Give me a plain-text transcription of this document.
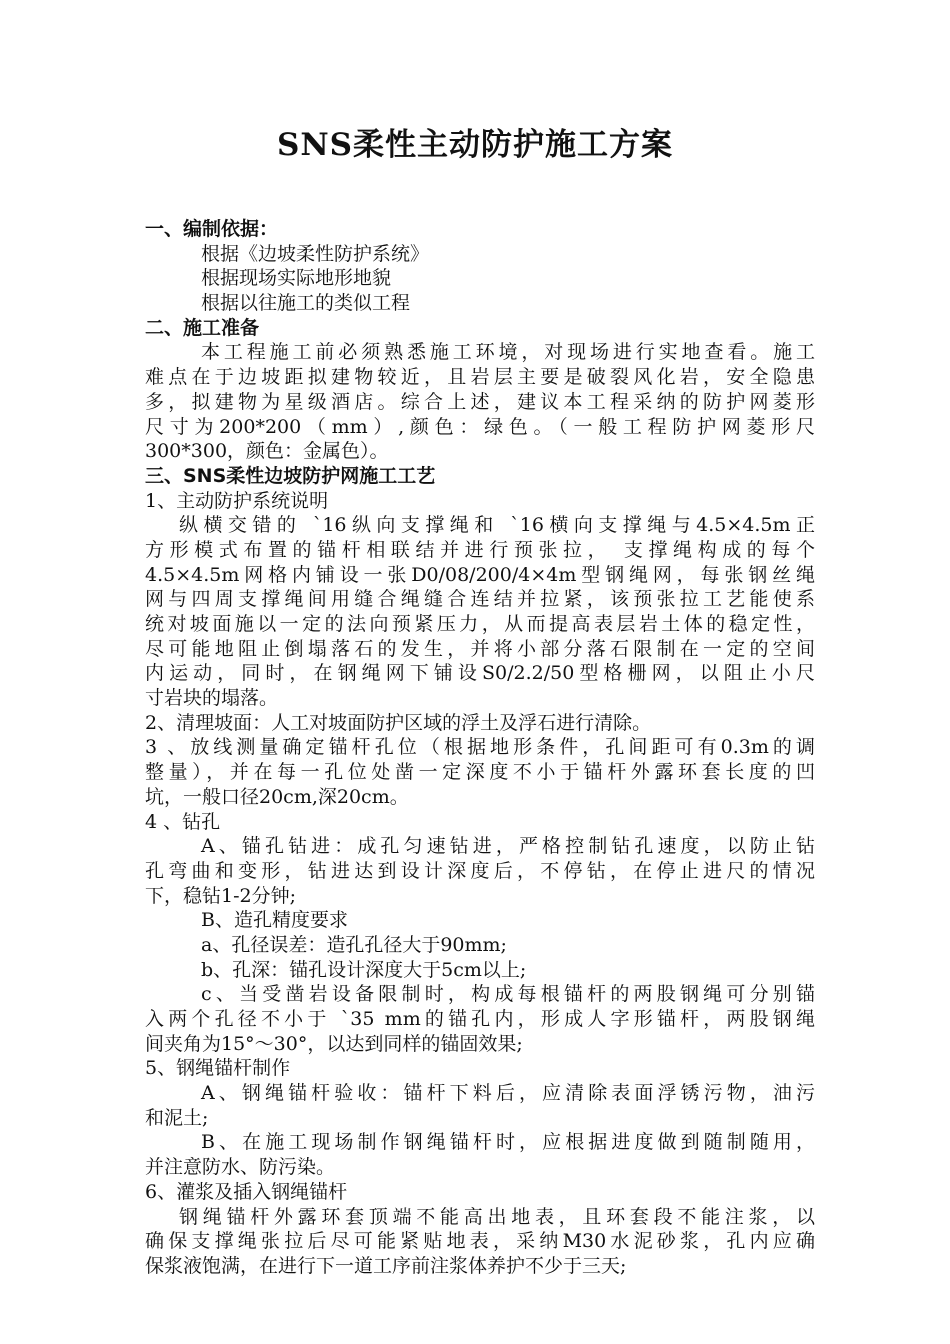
SNS柔性主动防护施工方案
一、编制依据：
根据《边坡柔性防护系统》
根据现场实际地形地貌
根据以往施工的类似工程
二、施工准备
本工程施工前必须熟悉施工环境，对现场进行实地查看。施工
难点在于边坡距拟建物较近，且岩层主要是破裂风化岩，安全隐患
多，拟建物为星级酒店。综合上述，建议本工程采纳的防护网菱形
尺寸为200*200（mm）,颜色：绿色。（一般工程防护网菱形尺
300*300，颜色：金属色）。
三、SNS柔性边坡防护网施工工艺
1、主动防护系统说明
纵横交错的 `16纵向支撑绳和 `16横向支撑绳与4.5×4.5m正
方形模式布置的锚杆相联结并进行预张拉， 支撑绳构成的每个
4.5×4.5m网格内铺设一张D0/08/200/4×4m型钢绳网，每张钢丝绳
网与四周支撑绳间用缝合绳缝合连结并拉紧，该预张拉工艺能使系
统对坡面施以一定的法向预紧压力，从而提高表层岩土体的稳定性，
尽可能地阻止倒塌落石的发生，并将小部分落石限制在一定的空间
内运动，同时，在钢绳网下铺设S0/2.2/50型格栅网，以阻止小尺
寸岩块的塌落。
2、清理坡面：人工对坡面防护区域的浮土及浮石进行清除。
3 、放线测量确定锚杆孔位（根据地形条件，孔间距可有0.3m的调
整量），并在每一孔位处凿一定深度不小于锚杆外露环套长度的凹
坑，一般口径20cm,深20cm。
4 、钻孔
A、锚孔钻进：成孔匀速钻进，严格控制钻孔速度，以防止钻
孔弯曲和变形，钻进达到设计深度后，不停钻，在停止进尺的情况
下，稳钻1-2分钟;
B、造孔精度要求
a、孔径误差：造孔孔径大于90mm;
b、孔深：锚孔设计深度大于5cm以上;
c、当受凿岩设备限制时，构成每根锚杆的两股钢绳可分别锚
入两个孔径不小于 `35 mm的锚孔内，形成人字形锚杆，两股钢绳
间夹角为15°～30°，以达到同样的锚固效果;
5、钢绳锚杆制作
A、钢绳锚杆验收：锚杆下料后，应清除表面浮锈污物，油污
和泥土;
B、在施工现场制作钢绳锚杆时，应根据进度做到随制随用，
并注意防水、防污染。
6、灌浆及插入钢绳锚杆
钢绳锚杆外露环套顶端不能高出地表，且环套段不能注浆，以
确保支撑绳张拉后尽可能紧贴地表，采纳M30水泥砂浆，孔内应确
保浆液饱满，在进行下一道工序前注浆体养护不少于三天;
